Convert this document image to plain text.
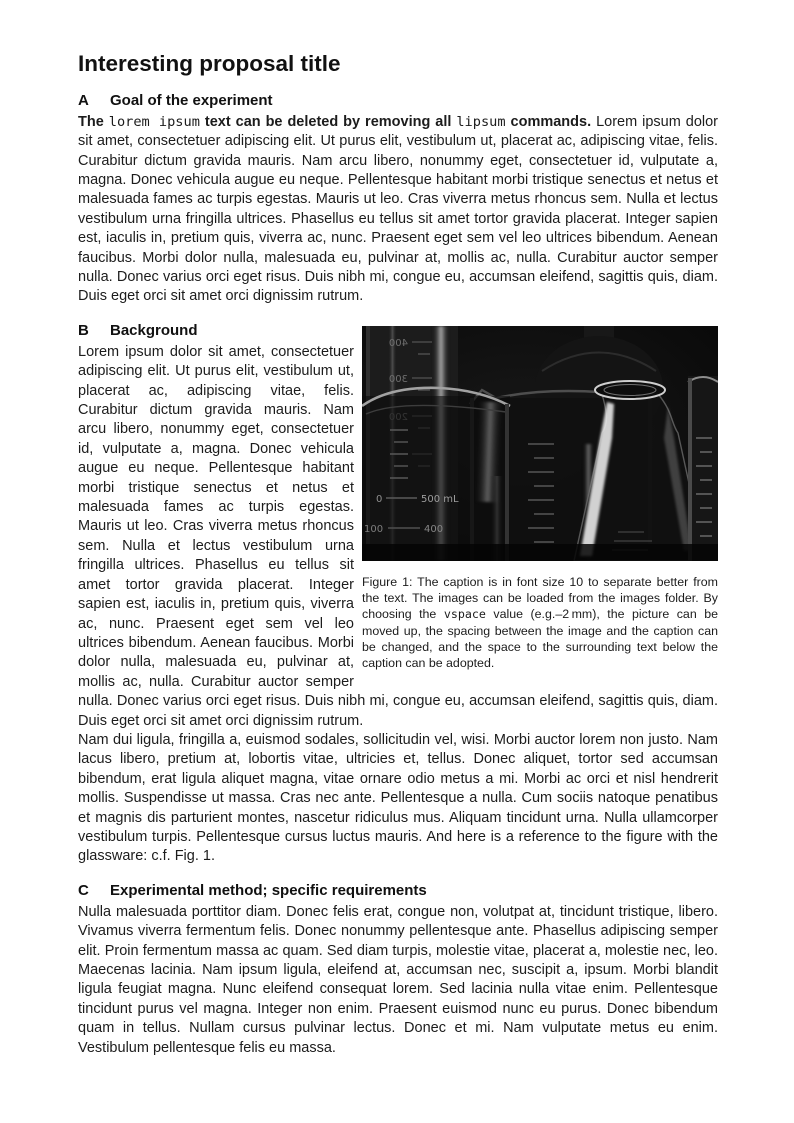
Interesting proposal title
A Goal of the experiment

The lorem ipsum text can be deleted by removing all lipsum commands. Lorem ipsum dolor sit amet, consectetuer adipiscing elit. Ut purus elit, vestibulum ut, placerat ac, adipiscing vitae, felis. Curabitur dictum gravida mauris. Nam arcu libero, nonummy eget, consectetuer id, vulputate a, magna. Donec vehicula augue eu neque. Pellentesque habitant morbi tristique senectus et netus et malesuada fames ac turpis egestas. Mauris ut leo. Cras viverra metus rhoncus sem. Nulla et lectus vestibulum urna fringilla ultrices. Phasellus eu tellus sit amet tortor gravida placerat. Integer sapien est, iaculis in, pretium quis, viverra ac, nunc. Praesent eget sem vel leo ultrices bibendum. Aenean faucibus. Morbi dolor nulla, malesuada eu, pulvinar at, mollis ac, nulla. Curabitur auctor semper nulla. Donec varius orci eget risus. Duis nibh mi, congue eu, accumsan eleifend, sagittis quis, diam. Duis eget orci sit amet orci dignissim rutrum.

400
300
0	500 mL
100	400
Figure 1: The caption is in font size 10 to separate better from the text. The images can be loaded from the images folder. By choosing the vspace value (e.g.–2 mm), the picture can be moved up, the spacing between the image and the caption can be changed, and the space to the surrounding text below the caption can be adopted.
B Background

Lorem ipsum dolor sit amet, consectetuer adipiscing elit. Ut purus elit, vestibulum ut, placerat ac, adipiscing vitae, felis. Curabitur dictum gravida mauris. Nam arcu libero, nonummy eget, consectetuer id, vulputate a, magna. Donec vehicula augue eu neque. Pellentesque habitant morbi tristique senectus et netus et malesuada fames ac turpis egestas. Mauris ut leo. Cras viverra metus rhoncus sem. Nulla et lectus vestibulum urna fringilla ultrices. Phasellus eu tellus sit amet tortor gravida placerat. Integer sapien est, iaculis in, pretium quis, viverra ac, nunc. Praesent eget sem vel leo ultrices bibendum. Aenean faucibus. Morbi dolor nulla, malesuada eu, pulvinar at, mollis ac, nulla. Curabitur auctor semper nulla. Donec varius orci eget risus. Duis nibh mi, congue eu, accumsan eleifend, sagittis quis, diam. Duis eget orci sit amet orci dignissim rutrum.

Nam dui ligula, fringilla a, euismod sodales, sollicitudin vel, wisi. Morbi auctor lorem non justo. Nam lacus libero, pretium at, lobortis vitae, ultricies et, tellus. Donec aliquet, tortor sed accumsan bibendum, erat ligula aliquet magna, vitae ornare odio metus a mi. Morbi ac orci et nisl hendrerit mollis. Suspendisse ut massa. Cras nec ante. Pellentesque a nulla. Cum sociis natoque penatibus et magnis dis parturient montes, nascetur ridiculus mus. Aliquam tincidunt urna. Nulla ullamcorper vestibulum turpis. Pellentesque cursus luctus mauris. And here is a reference to the figure with the glassware: c.f. Fig. 1.

C Experimental method; specific requirements

Nulla malesuada porttitor diam. Donec felis erat, congue non, volutpat at, tincidunt tristique, libero. Vivamus viverra fermentum felis. Donec nonummy pellentesque ante. Phasellus adipiscing semper elit. Proin fermentum massa ac quam. Sed diam turpis, molestie vitae, placerat a, molestie nec, leo. Maecenas lacinia. Nam ipsum ligula, eleifend at, accumsan nec, suscipit a, ipsum. Morbi blandit ligula feugiat magna. Nunc eleifend consequat lorem. Sed lacinia nulla vitae enim. Pellentesque tincidunt purus vel magna. Integer non enim. Praesent euismod nunc eu purus. Donec bibendum quam in tellus. Nullam cursus pulvinar lectus. Donec et mi. Nam vulputate metus eu enim. Vestibulum pellentesque felis eu massa.
